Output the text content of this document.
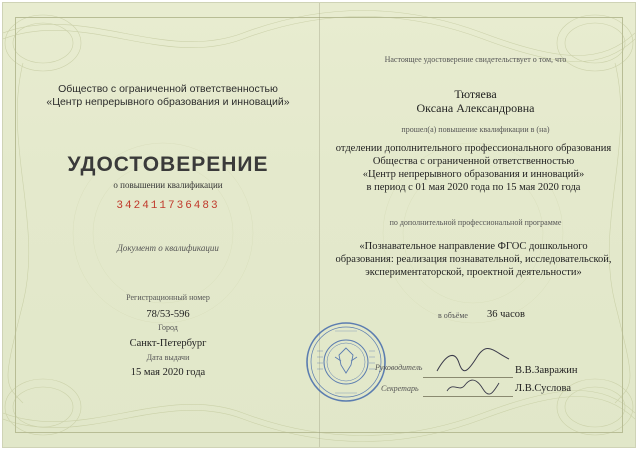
Общество с ограниченной ответственностью
«Центр непрерывного образования и инноваций»
УДОСТОВЕРЕНИЕ
о повышении квалификации
342411736483
Документ о квалификации
Регистрационный номер
78/53-596
Город
Санкт-Петербург
Дата выдачи
15 мая 2020 года
Настоящее удостоверение свидетельствует о том, что
Тютяева
Оксана Александровна
прошел(а) повышение квалификации в (на)
отделении дополнительного профессионального образования
Общества с ограниченной ответственностью
«Центр непрерывного образования и инноваций»
в период с 01 мая 2020 года по 15 мая 2020 года
по дополнительной профессиональной программе
«Познавательное направление ФГОС дошкольного
образования: реализация познавательной, исследовательской,
экспериментаторской, проектной деятельности»
в объёме 36 часов
Руководитель	В.В.Завражин
Секретарь	Л.В.Суслова
